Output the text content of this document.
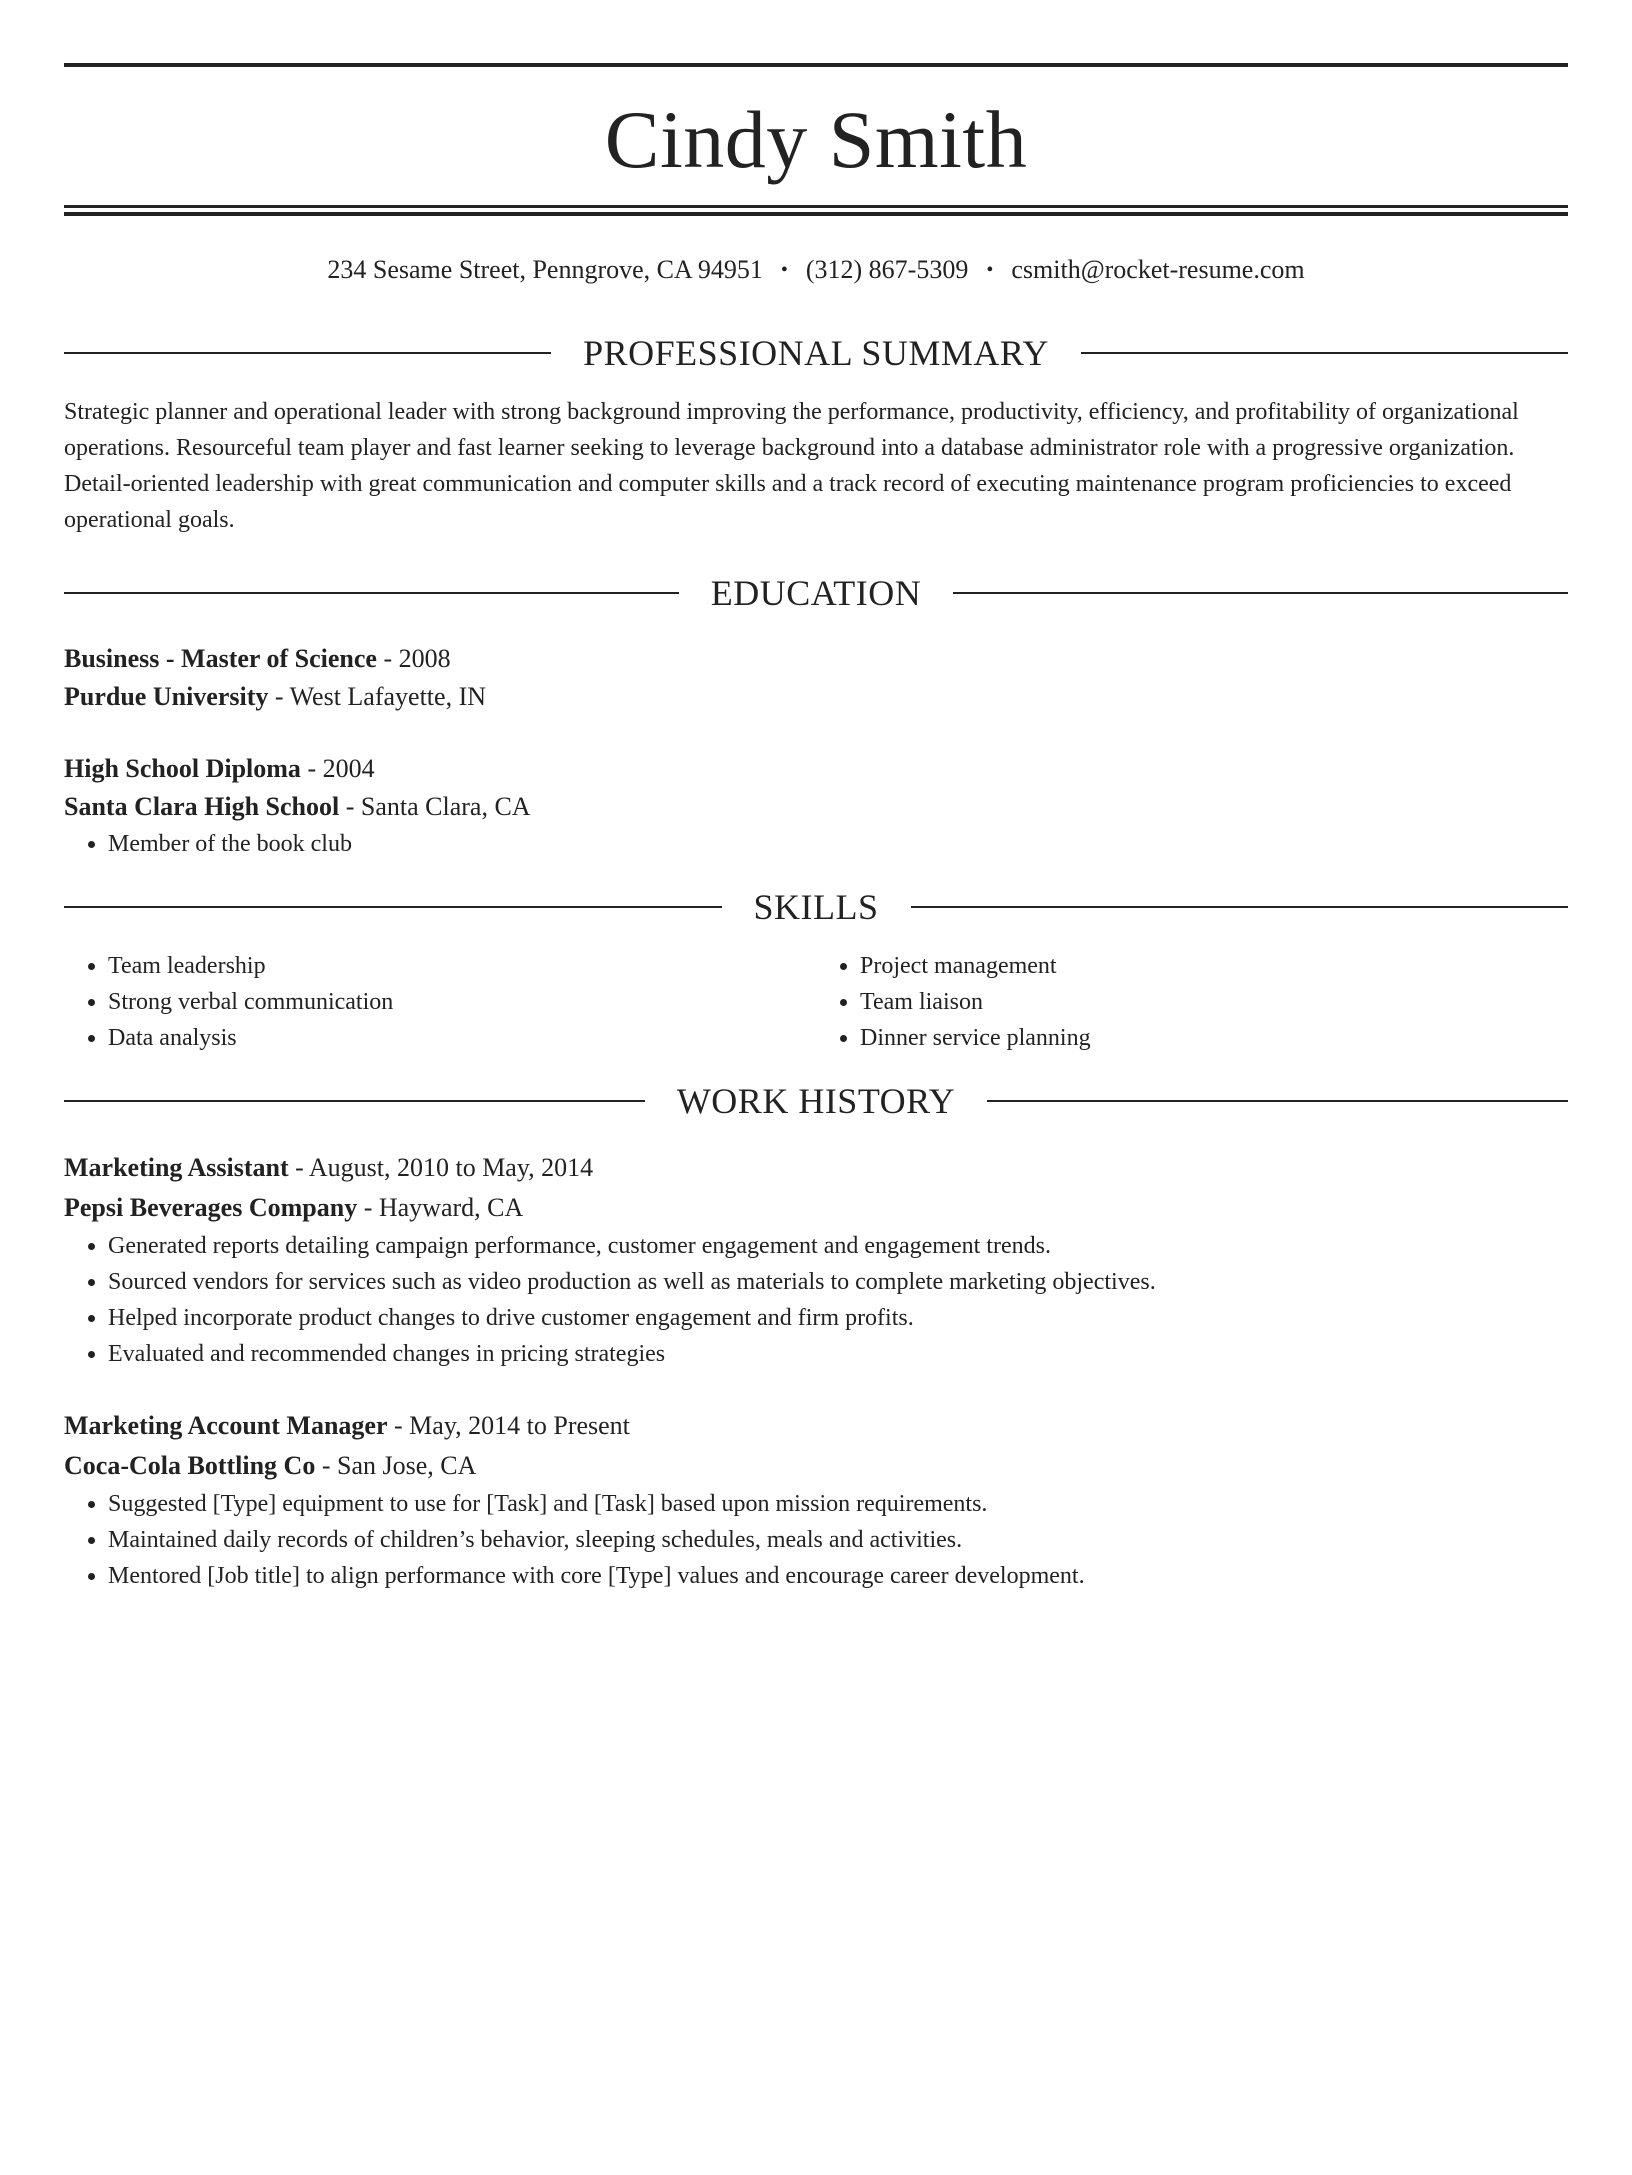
Cindy Smith
234 Sesame Street, Penngrove, CA 94951 • (312) 867-5309 • csmith@rocket-resume.com
PROFESSIONAL SUMMARY
Strategic planner and operational leader with strong background improving the performance, productivity, efficiency, and profitability of organizational operations. Resourceful team player and fast learner seeking to leverage background into a database administrator role with a progressive organization. Detail-oriented leadership with great communication and computer skills and a track record of executing maintenance program proficiencies to exceed operational goals.
EDUCATION
Business - Master of Science - 2008
Purdue University - West Lafayette, IN
High School Diploma - 2004
Santa Clara High School - Santa Clara, CA
• Member of the book club
SKILLS
• Team leadership
• Strong verbal communication
• Data analysis
• Project management
• Team liaison
• Dinner service planning
WORK HISTORY
Marketing Assistant - August, 2010 to May, 2014
Pepsi Beverages Company - Hayward, CA
• Generated reports detailing campaign performance, customer engagement and engagement trends.
• Sourced vendors for services such as video production as well as materials to complete marketing objectives.
• Helped incorporate product changes to drive customer engagement and firm profits.
• Evaluated and recommended changes in pricing strategies
Marketing Account Manager - May, 2014 to Present
Coca-Cola Bottling Co - San Jose, CA
• Suggested [Type] equipment to use for [Task] and [Task] based upon mission requirements.
• Maintained daily records of children’s behavior, sleeping schedules, meals and activities.
• Mentored [Job title] to align performance with core [Type] values and encourage career development.
